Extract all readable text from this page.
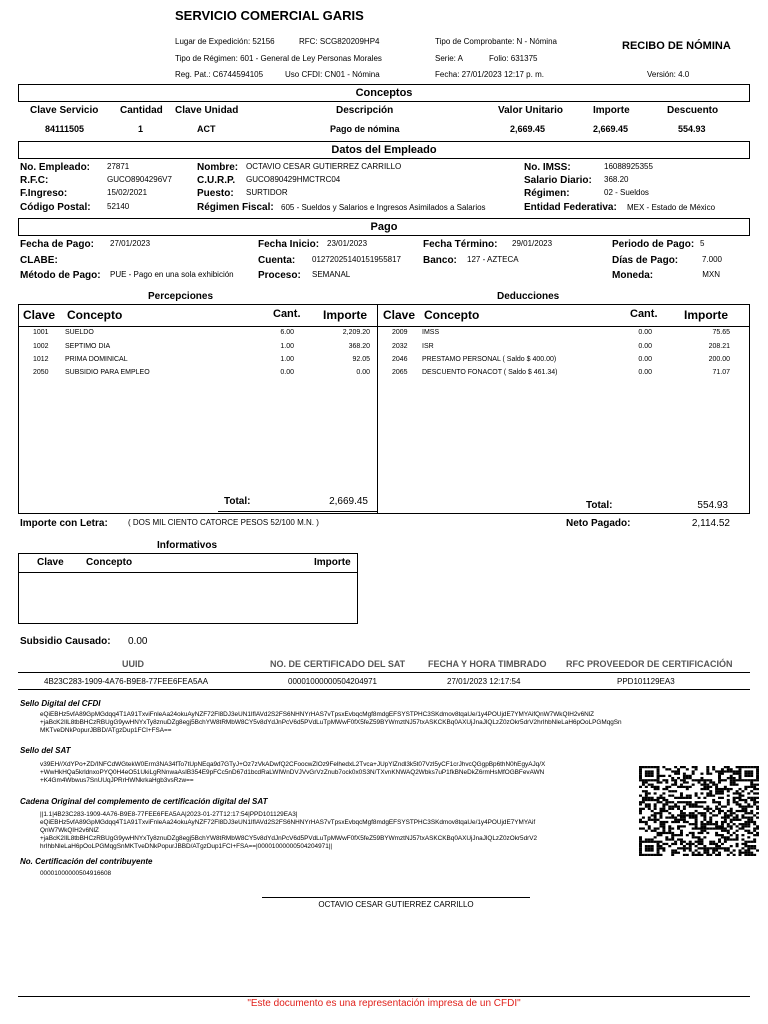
SERVICIO COMERCIAL GARIS
Lugar de Expedición: 52156	RFC: SCG820209HP4
Tipo de Régimen: 601 - General de Ley Personas Morales
Reg. Pat.: C6744594105	Uso CFDI: CN01 - Nómina
Tipo de Comprobante: N - Nómina
Serie: A	Folio: 631375
Fecha: 27/01/2023 12:17 p. m.
RECIBO DE NÓMINA
Versión: 4.0
Conceptos
Clave Servicio Cantidad Clave Unidad	Descripción	Valor Unitario	Importe	Descuento
84111505	1	ACT	Pago de nómina	2,669.45	2,669.45	554.93
Datos del Empleado
No. Empleado: 27871
R.F.C:	GUCO8904296V7
F.Ingreso:	15/02/2021
Código Postal: 52140
Nombre: OCTAVIO CESAR GUTIERREZ CARRILLO
C.U.R.P. GUCO890429HMCTRC04
Puesto: SURTIDOR
Régimen Fiscal: 605 - Sueldos y Salarios e Ingresos Asimilados a Salarios
No. IMSS:	16088925355
Salario Diario: 368.20
Régimen:	02 - Sueldos
Entidad Federativa: MEX - Estado de México
Pago
Fecha de Pago: 27/01/2023
CLABE:
Método de Pago: PUE - Pago en una sola exhibición
Fecha Inicio: 23/01/2023
Cuenta: 01272025140151955817
Proceso: SEMANAL
Fecha Término: 29/01/2023
Banco: 127 - AZTECA
Periodo de Pago: 5
Días de Pago:	7.000
Moneda:	MXN
Percepciones	Deducciones
Clave Concepto	Cant. Importe Clave Concepto	Cant. Importe
1001 SUELDO	6.00	2,209.20
1002 SEPTIMO DIA	1.00	368.20
1012 PRIMA DOMINICAL	1.00	92.05
2050 SUBSIDIO PARA EMPLEO	0.00	0.00
2009 IMSS	0.00	75.65
2032 ISR	0.00	208.21
2046 PRESTAMO PERSONAL ( Saldo $ 400.00)	0.00	200.00
2065 DESCUENTO FONACOT ( Saldo $ 461.34)	0.00	71.07
Total:	2,669.45	Total:	554.93
Importe con Letra:	( DOS MIL CIENTO CATORCE PESOS 52/100 M.N. )	Neto Pagado:	2,114.52
Informativos
Clave Concepto	Importe
Subsidio Causado: 0.00
UUID	NO. DE CERTIFICADO DEL SAT	FECHA Y HORA TIMBRADO RFC PROVEEDOR DE CERTIFICACIÓN
4B23C283-1909-4A76-B9E8-77FEE6FEA5AA	00001000000504204971	27/01/2023 12:17:54	PPD101129EA3
Sello Digital del CFDI
eQiEBHz5vfA89GpMGdqq4T1A91TxviFnleAa24okuAyNZF72Fl8DJ3eUN1IflAVd2S2FS6NHNYrHAS7vTpsxEvbqcMgf8mdgEFSYSTPHC3SKdmov8tqaUe/1y4POUjdE7YMYAifQnW7WkQIH2v6NlZ
+jaBcK2IlL8tbBHCzRBUgG9ywHNYxTy8znuDZg8egj5BchYW8tRMbW8CY5v8dYdJnPcV6d5PVdLuTpMWwF0fX5feZ59BYWmztNJ57txASKCKBq0AXUjJnaJlQLzZ0zOkr5drV2hrIhbNleLaH6pOoLPGMqgSn
MKTveDNkPopurJBBD/ATgzDup1FCI+FSA==
Sello del SAT
v39EH//XdYPo+ZD/INFCdWGtekW0Erm3NA34fTo7tUpNEqa9d7GTyJ+Oz7zVkADwfQ2CFoocwZlOz9FelhedxL2Tvca+JUpYlZndl3k5t07Vzl5yCF1crJhvcQGgpBp6thN0hEgyAJq/X
+WwHkHQa5krldnxoPYQ0H4eO51UkiLgRNnwaAsIB354E9pFCc5nD67d1bcdRaLWIWnDVJVvGrVzZnub7ock0x0S3N/TXvnKNWAQ2Wbks7uP1fkBNeDkZ6rmHsMfOGBFevAWN
+K4Gm4Wbwus7SnUUqJPRrHWNkrkaHgb3vsRzw==
Cadena Original del complemento de certificación digital del SAT
||1.1|4B23C283-1909-4A76-B9E8-77FEE6FEA5AA|2023-01-27T12:17:54|PPD101129EA3|
eQiEBHz5vfA89GpMGdqq4T1A91TxviFnleAa24okuAyNZF72Fl8DJ3eUN1IflAVd2S2FS6NHNYrHAS7vTpsxEvbqcMgf8mdgEFSYSTPHC3SKdmov8tqaUe/1y4POUjdE7YMYAif
QnW7WkQIH2v6NlZ
+jaBcK2IlL8tbBHCzRBUgG9ywHNYxTy8znuDZg8egj5BchYW8tRMbW8CY5v8dYdJnPcV6d5PVdLuTpMWwF0fX5feZ59BYWmztNJ57txASKCKBq0AXUjJnaJlQLzZ0zOkr5drV2
hrIhbNleLaH6pOoLPGMqgSnMKTveDNkPopurJBBD/ATgzDup1FCI+FSA==|00001000000504204971||
No. Certificación del contribuyente
00001000000504916608
OCTAVIO CESAR GUTIERREZ CARRILLO
"Este documento es una representación impresa de un CFDI"
